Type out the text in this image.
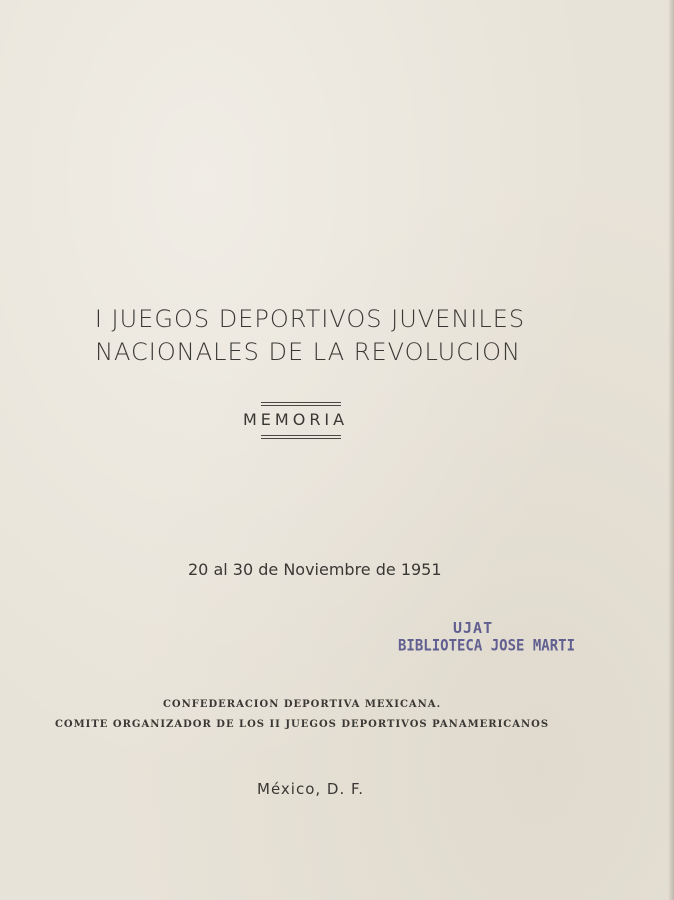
I JUEGOS DEPORTIVOS JUVENILES
NACIONALES DE LA REVOLUCION
MEMORIA
20 al 30 de Noviembre de 1951
UJAT
BIBLIOTECA JOSE MARTI
CONFEDERACION DEPORTIVA MEXICANA.
COMITE ORGANIZADOR DE LOS II JUEGOS DEPORTIVOS PANAMERICANOS
México, D. F.
